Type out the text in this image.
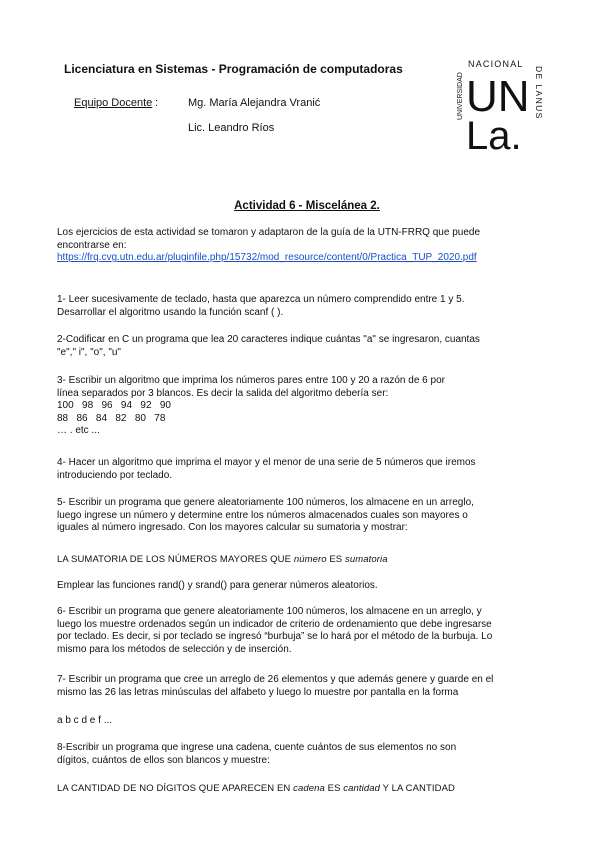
Licenciatura en Sistemas - Programación de computadoras
Equipo Docente :	Mg. María Alejandra Vranić
Lic. Leandro Ríos
UNIVERSIDAD
NACIONAL
DE LANUS
UN
La.
Actividad 6 - Miscelánea 2.
Los ejercicios de esta actividad se tomaron y adaptaron de la guía de la UTN-FRRQ que puede
encontrarse en:
https://frq.cvg.utn.edu.ar/pluginfile.php/15732/mod_resource/content/0/Practica_TUP_2020.pdf
1- Leer sucesivamente de teclado, hasta que aparezca un número comprendido entre 1 y 5.
Desarrollar el algoritmo usando la función scanf ( ).
2-Codificar en C un programa que lea 20 caracteres indique cuántas "a" se ingresaron, cuantas
"e"," i", "o", "u"
3- Escribir un algoritmo que imprima los números pares entre 100 y 20 a razón de 6 por
línea separados por 3 blancos. Es decir la salida del algoritmo debería ser:
100   98   96   94   92   90
88   86   84   82   80   78
… . etc ...
4- Hacer un algoritmo que imprima el mayor y el menor de una serie de 5 números que iremos
introduciendo por teclado.
5- Escribir un programa que genere aleatoriamente 100 números, los almacene en un arreglo,
luego ingrese un número y determine entre los números almacenados cuales son mayores o
iguales al número ingresado. Con los mayores calcular su sumatoria y mostrar:
LA SUMATORIA DE LOS NÚMEROS MAYORES QUE número ES sumatoria
Emplear las funciones rand() y srand() para generar números aleatorios.
6- Escribir un programa que genere aleatoriamente 100 números, los almacene en un arreglo, y
luego los muestre ordenados según un indicador de criterio de ordenamiento que debe ingresarse
por teclado. Es decir, si por teclado se ingresó “burbuja” se lo hará por el método de la burbuja. Lo
mismo para los métodos de selección y de inserción.
7- Escribir un programa que cree un arreglo de 26 elementos y que además genere y guarde en el
mismo las 26 las letras minúsculas del alfabeto y luego lo muestre por pantalla en la forma
a b c d e f ...
8-Escribir un programa que ingrese una cadena, cuente cuántos de sus elementos no son
dígitos, cuántos de ellos son blancos y muestre:
LA CANTIDAD DE NO DÍGITOS QUE APARECEN EN cadena ES cantidad Y LA CANTIDAD
